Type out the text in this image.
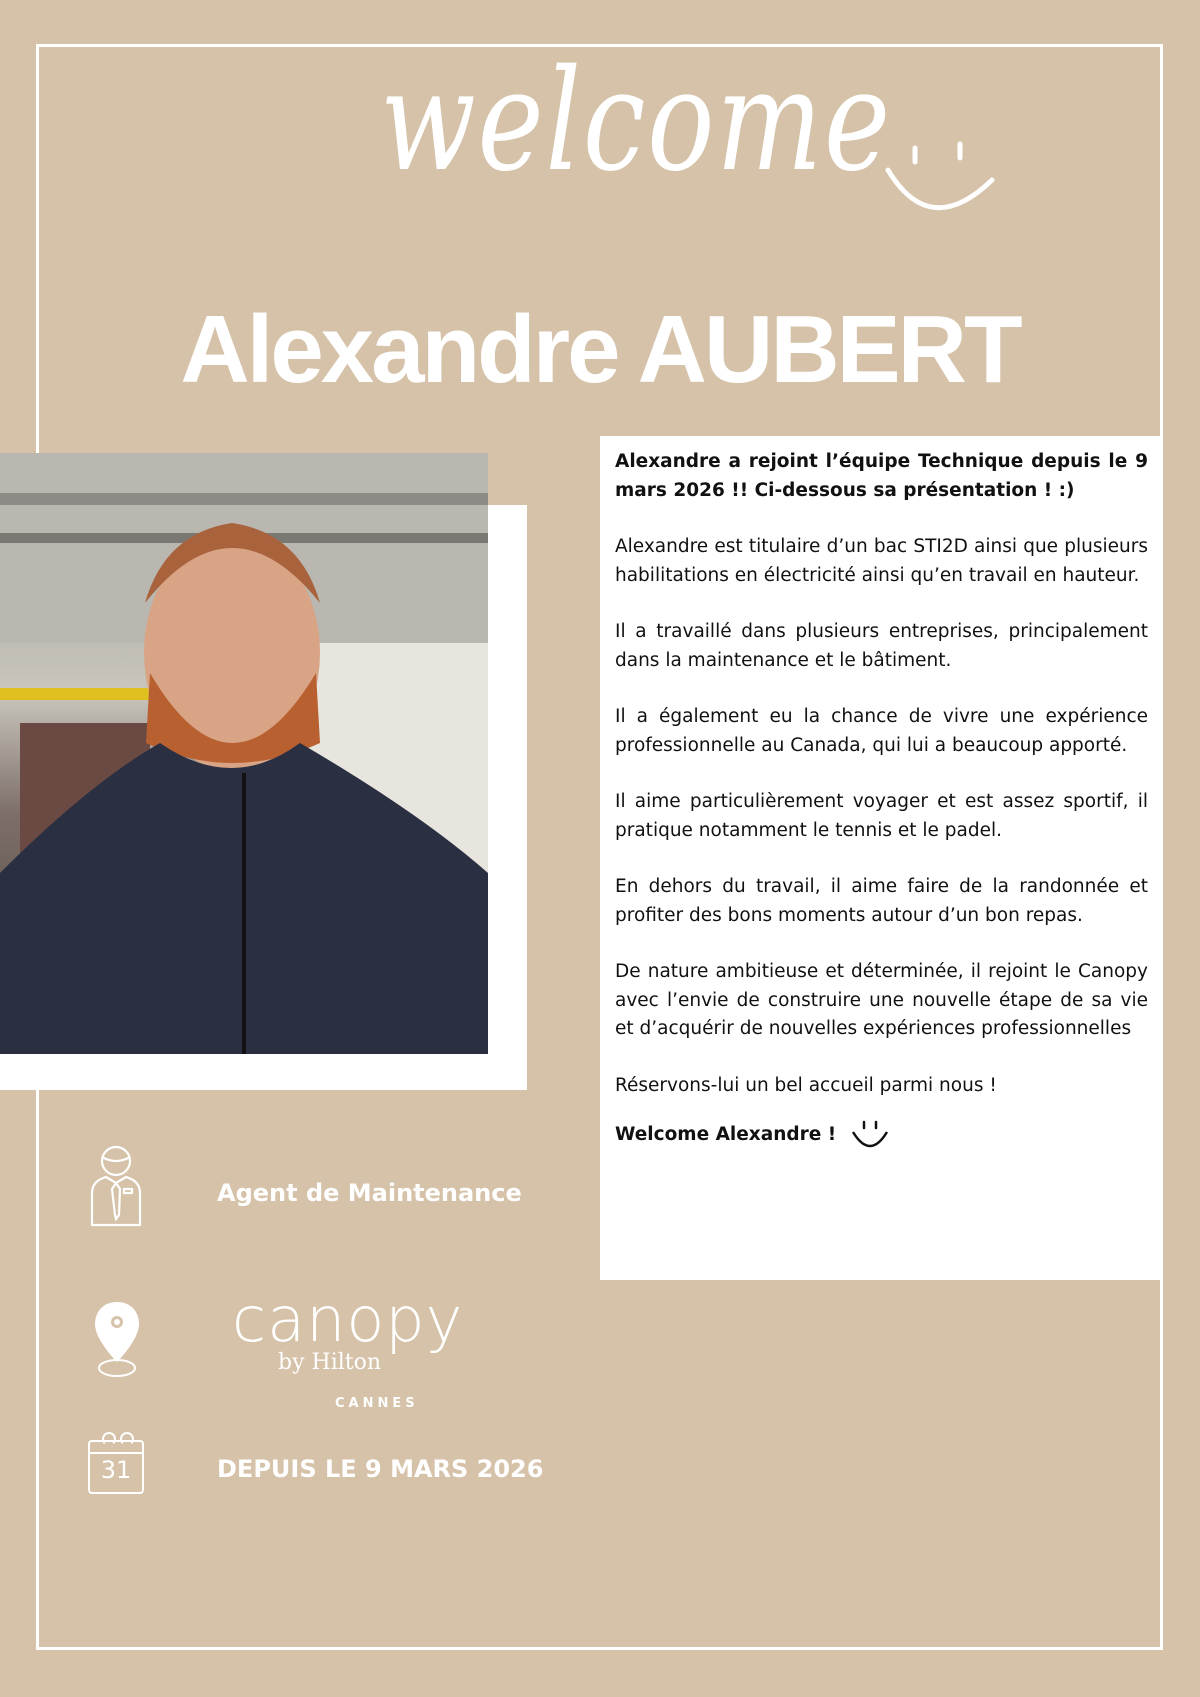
welcome
Alexandre AUBERT

Alexandre a rejoint l’équipe Technique depuis le 9 mars 2026 !! Ci-dessous sa présentation ! :)

Alexandre est titulaire d’un bac STI2D ainsi que plusieurs habilitations en électricité ainsi qu’en travail en hauteur.

Il a travaillé dans plusieurs entreprises, principalement dans la maintenance et le bâtiment.

Il a également eu la chance de vivre une expérience professionnelle au Canada, qui lui a beaucoup apporté.

Il aime particulièrement voyager et est assez sportif, il pratique notamment le tennis et le padel.

En dehors du travail, il aime faire de la randonnée et profiter des bons moments autour d’un bon repas.

De nature ambitieuse et déterminée, il rejoint le Canopy avec l’envie de construire une nouvelle étape de sa vie et d’acquérir de nouvelles expériences professionnelles

Réservons-lui un bel accueil parmi nous !

Welcome Alexandre !
Agent de Maintenance
canopy
by Hilton
CANNES
31	DEPUIS LE 9 MARS 2026
